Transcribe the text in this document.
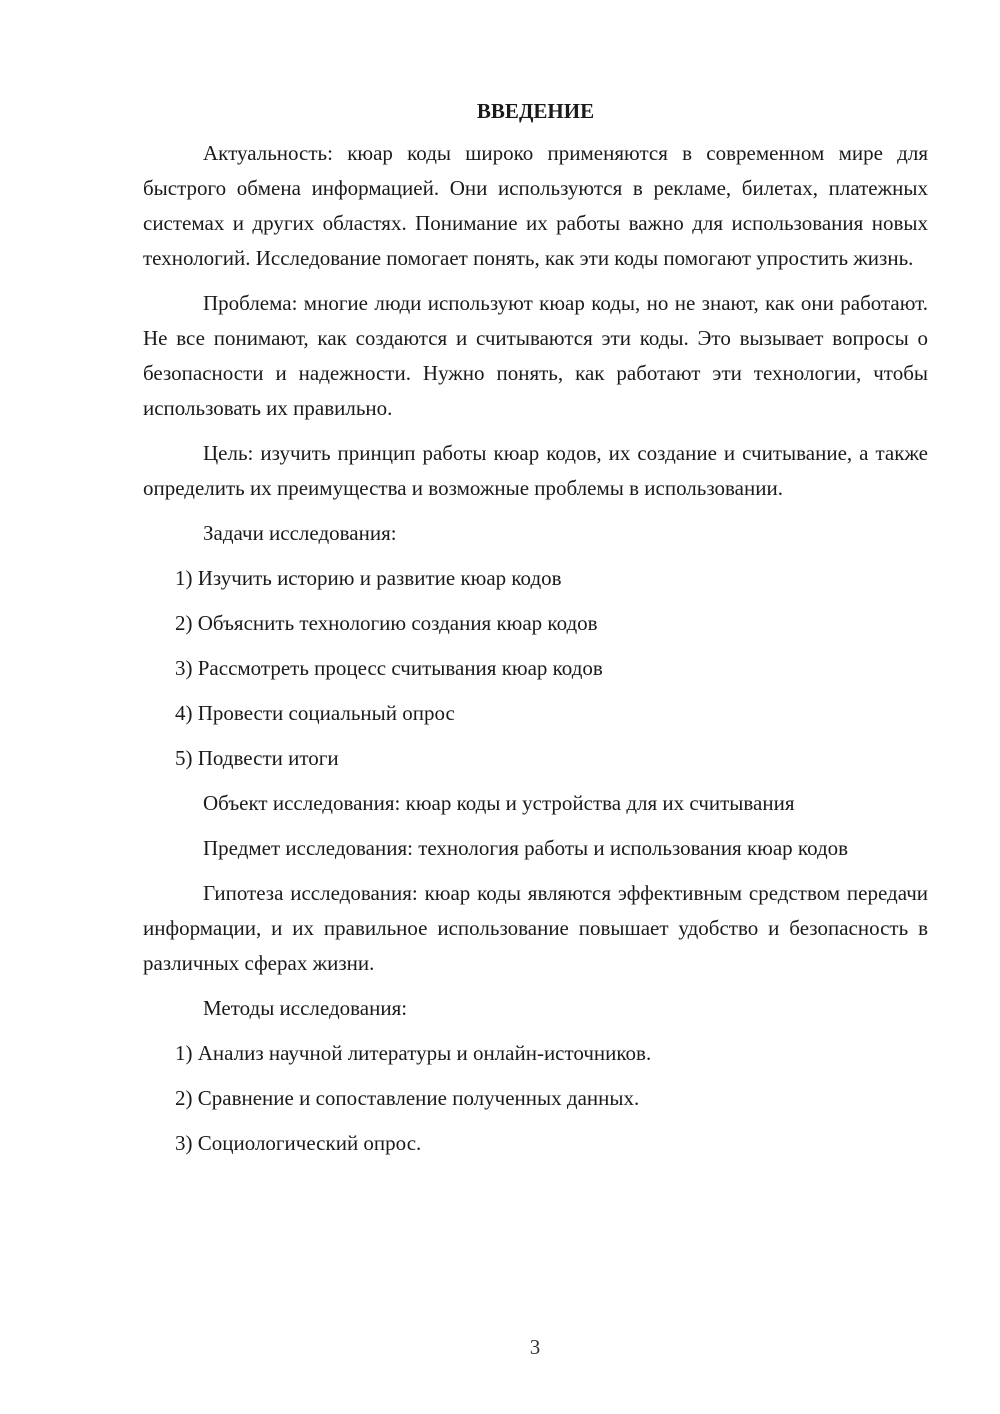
ВВЕДЕНИЕ

Актуальность: кюар коды широко применяются в современном мире для быстрого обмена информацией. Они используются в рекламе, билетах, платежных системах и других областях. Понимание их работы важно для использования новых технологий. Исследование помогает понять, как эти коды помогают упростить жизнь.

Проблема: многие люди используют кюар коды, но не знают, как они работают. Не все понимают, как создаются и считываются эти коды. Это вызывает вопросы о безопасности и надежности. Нужно понять, как работают эти технологии, чтобы использовать их правильно.

Цель: изучить принцип работы кюар кодов, их создание и считывание, а также определить их преимущества и возможные проблемы в использовании.

Задачи исследования:

1) Изучить историю и развитие кюар кодов
2) Объяснить технологию создания кюар кодов
3) Рассмотреть процесс считывания кюар кодов
4) Провести социальный опрос
5) Подвести итоги

Объект исследования: кюар коды и устройства для их считывания

Предмет исследования: технология работы и использования кюар кодов

Гипотеза исследования: кюар коды являются эффективным средством передачи информации, и их правильное использование повышает удобство и безопасность в различных сферах жизни.

Методы исследования:

1) Анализ научной литературы и онлайн-источников.
2) Сравнение и сопоставление полученных данных.
3) Социологический опрос.
3
